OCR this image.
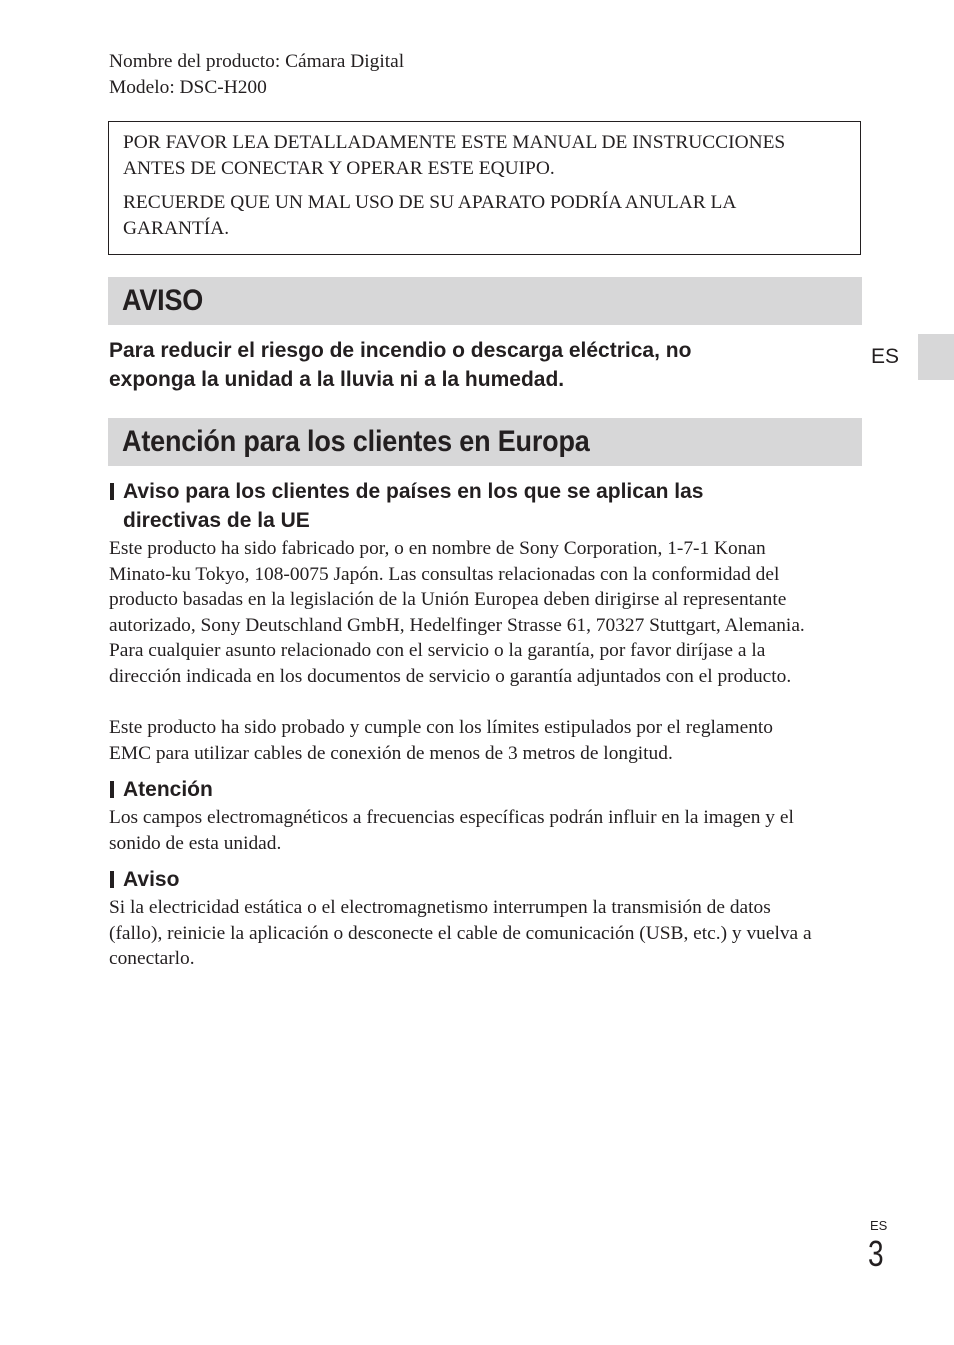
Nombre del producto: Cámara Digital
Modelo: DSC-H200

POR FAVOR LEA DETALLADAMENTE ESTE MANUAL DE INSTRUCCIONES
ANTES DE CONECTAR Y OPERAR ESTE EQUIPO.

RECUERDE QUE UN MAL USO DE SU APARATO PODRÍA ANULAR LA
GARANTÍA.

AVISO
Para reducir el riesgo de incendio o descarga eléctrica, no
exponga la unidad a la lluvia ni a la humedad.
Atención para los clientes en Europa
Aviso para los clientes de países en los que se aplican las
directivas de la UE
Este producto ha sido fabricado por, o en nombre de Sony Corporation, 1-7-1 Konan
Minato-ku Tokyo, 108-0075 Japón. Las consultas relacionadas con la conformidad del
producto basadas en la legislación de la Unión Europea deben dirigirse al representante
autorizado, Sony Deutschland GmbH, Hedelfinger Strasse 61, 70327 Stuttgart, Alemania.
Para cualquier asunto relacionado con el servicio o la garantía, por favor diríjase a la
dirección indicada en los documentos de servicio o garantía adjuntados con el producto.
Este producto ha sido probado y cumple con los límites estipulados por el reglamento
EMC para utilizar cables de conexión de menos de 3 metros de longitud.
Atención
Los campos electromagnéticos a frecuencias específicas podrán influir en la imagen y el
sonido de esta unidad.
Aviso
Si la electricidad estática o el electromagnetismo interrumpen la transmisión de datos
(fallo), reinicie la aplicación o desconecte el cable de comunicación (USB, etc.) y vuelva a
conectarlo.
ES
ES
3
